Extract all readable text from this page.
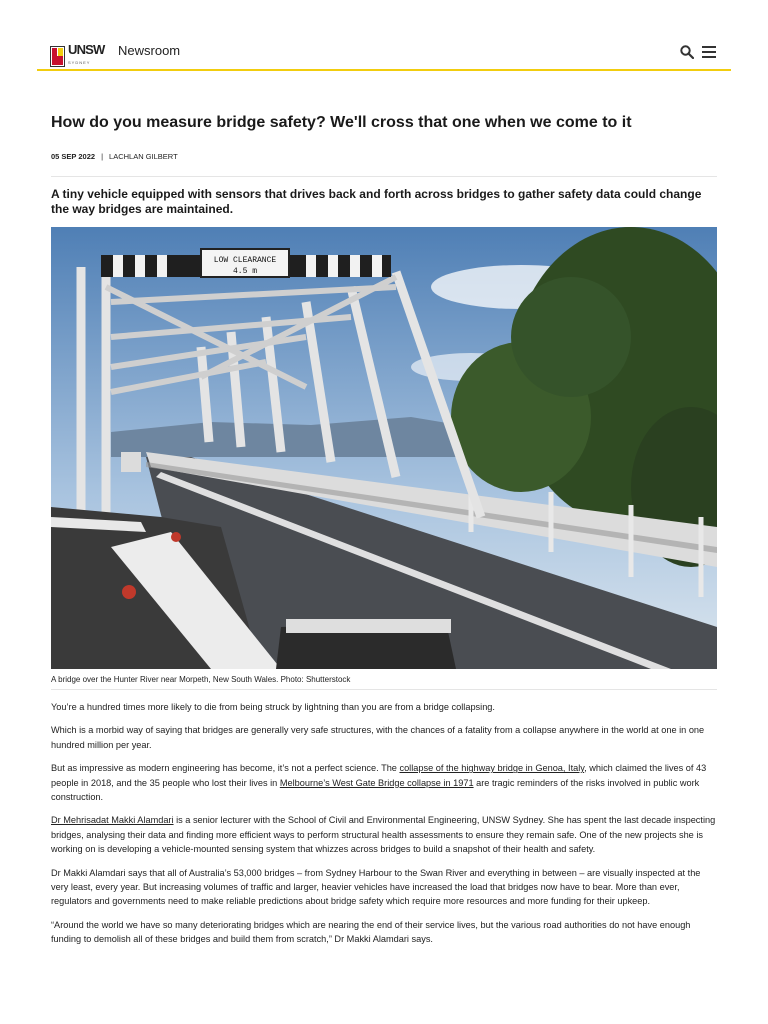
UNSW
SYDNEY
Newsroom
How do you measure bridge safety? We'll cross that one when we come to it
05 SEP 2022 | LACHLAN GILBERT

A tiny vehicle equipped with sensors that drives back and forth across bridges to gather safety data could change the way bridges are maintained.

LOW CLEARANCE
4.5 m
A bridge over the Hunter River near Morpeth, New South Wales. Photo: Shutterstock

You’re a hundred times more likely to die from being struck by lightning than you are from a bridge collapsing.

Which is a morbid way of saying that bridges are generally very safe structures, with the chances of a fatality from a collapse anywhere in the world at one in one hundred million per year.

But as impressive as modern engineering has become, it’s not a perfect science. The collapse of the highway bridge in Genoa, Italy, which claimed the lives of 43 people in 2018, and the 35 people who lost their lives in Melbourne’s West Gate Bridge collapse in 1971 are tragic reminders of the risks involved in public work construction.

Dr Mehrisadat Makki Alamdari is a senior lecturer with the School of Civil and Environmental Engineering, UNSW Sydney. She has spent the last decade inspecting bridges, analysing their data and finding more efficient ways to perform structural health assessments to ensure they remain safe. One of the new projects she is working on is developing a vehicle-mounted sensing system that whizzes across bridges to build a snapshot of their health and safety.

Dr Makki Alamdari says that all of Australia’s 53,000 bridges – from Sydney Harbour to the Swan River and everything in between – are visually inspected at the very least, every year. But increasing volumes of traffic and larger, heavier vehicles have increased the load that bridges now have to bear. More than ever, regulators and governments need to make reliable predictions about bridge safety which require more resources and more funding for their upkeep.

“Around the world we have so many deteriorating bridges which are nearing the end of their service lives, but the various road authorities do not have enough funding to demolish all of these bridges and build them from scratch,” Dr Makki Alamdari says.
